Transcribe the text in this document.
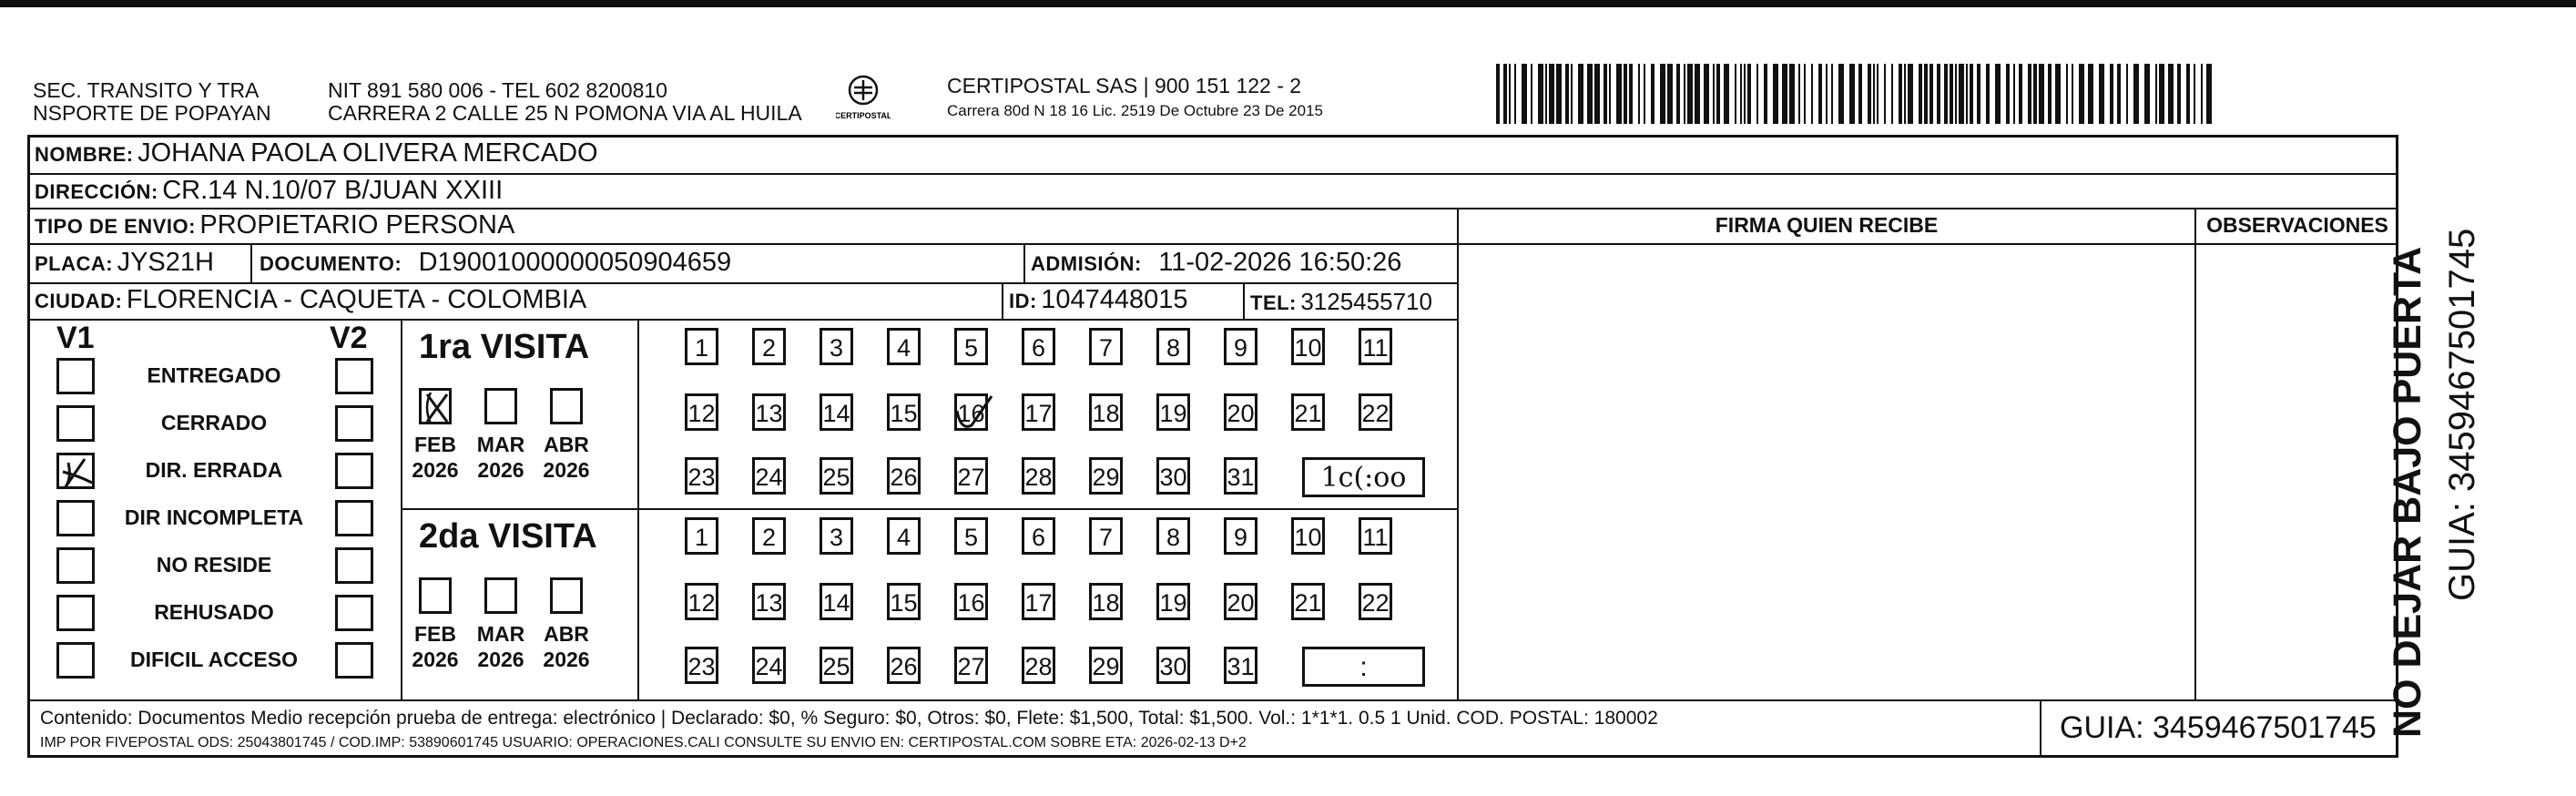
SEC. TRANSITO Y TRA
NSPORTE DE POPAYAN
NIT 891 580 006 - TEL 602 8200810
CARRERA 2 CALLE 25 N POMONA VIA AL HUILA	CERTIPOSTAL
CERTIPOSTAL SAS | 900 151 122 - 2
Carrera 80d N 18 16 Lic. 2519 De Octubre 23 De 2015
NOMBRE: JOHANA PAOLA OLIVERA MERCADO
DIRECCIÓN: CR.14 N.10/07 B/JUAN XXIII
TIPO DE ENVIO: PROPIETARIO PERSONA
PLACA: JYS21H DOCUMENTO: D19001000000050904659	ADMISIÓN: 11-02-2026 16:50:26
CIUDAD: FLORENCIA - CAQUETA - COLOMBIA	ID: 1047448015	TEL: 3125455710
FIRMA QUIEN RECIBE	OBSERVACIONES
V1	V2
ENTREGADO
CERRADO
DIR. ERRADA
DIR INCOMPLETA
NO RESIDE
REHUSADO
DIFICIL ACCESO
1ra VISITA
2da VISITA
FEB
2026
MAR
2026
ABR
2026
1	2	3	4	5	6	7	8	9	10 11
12 13 14 15 16 17 18 19 20 21 22
23 24 25 26 27 28 29 30 31	1c(:oo
FEB
2026
MAR
2026
ABR
2026
1	2	3	4	5	6	7	8	9	10 11
12 13 14 15 16 17 18 19 20 21 22
23 24 25 26 27 28 29 30 31	:
Contenido: Documentos Medio recepción prueba de entrega: electrónico | Declarado: $0, % Seguro: $0, Otros: $0, Flete: $1,500, Total: $1,500. Vol.: 1*1*1. 0.5 1 Unid. COD. POSTAL: 180002
IMP POR FIVEPOSTAL ODS: 25043801745 / COD.IMP: 53890601745 USUARIO: OPERACIONES.CALI CONSULTE SU ENVIO EN: CERTIPOSTAL.COM SOBRE ETA: 2026-02-13 D+2	GUIA: 3459467501745 NO DEJAR BAJO PUERTA GUIA: 3459467501745
